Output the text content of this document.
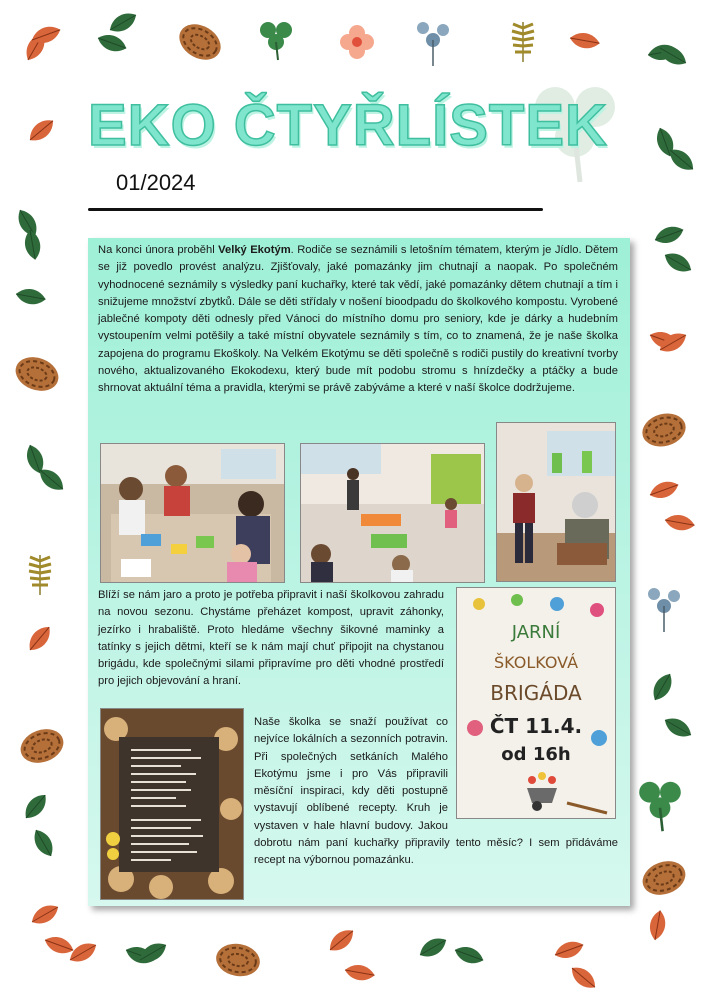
EKO ČTYŘLÍSTEK
01/2024
Na konci února proběhl Velký Ekotým. Rodiče se seznámili s letošním tématem, kterým je Jídlo. Dětem se již povedlo provést analýzu. Zjišťovaly, jaké pomazánky jim chutnají a naopak. Po společném vyhodnocené seznámily s výsledky paní kuchařky, které tak vědí, jaké pomazánky dětem chutnají a tím i snižujeme množství zbytků. Dále se děti střídaly v nošení bioodpadu do školkového kompostu. Vyrobené jablečné kompoty děti odnesly před Vánoci do místního domu pro seniory, kde je dárky a hudebním vystoupením velmi potěšily a také místní obyvatele seznámily s tím, co to znamená, že je naše školka zapojena do programu Ekoškoly. Na Velkém Ekotýmu se děti společně s rodiči pustily do kreativní tvorby nového, aktualizovaného Ekokodexu, který bude mít podobu stromu s hnízdečky a ptáčky a bude shrnovat aktuální téma a pravidla, kterými se právě zabýváme a které v naší školce dodržujeme.
Blíží se nám jaro a proto je potřeba připravit i naší školkovou zahradu na novou sezonu. Chystáme přeházet kompost, upravit záhonky, jezírko i hrabaliště. Proto hledáme všechny šikovné maminky a tatínky s jejich dětmi, kteří se k nám mají chuť připojit na chystanou brigádu, kde společnými silami připravíme pro děti vhodné prostředí pro jejich objevování a hraní.
JARNÍ
ŠKOLKOVÁ
BRIGÁDA
ČT 11.4.
od 16h
Naše školka se snaží používat co nejvíce lokálních a sezonních potravin. Při společných setkáních Malého Ekotýmu jsme i pro Vás připravili měsíční inspiraci, kdy děti postupně vystavují oblíbené recepty. Kruh je vystaven v hale hlavní budovy. Jakou dobrotu nám paní kuchařky připravily tento měsíc? I sem přidáváme recept na výbornou pomazánku.
